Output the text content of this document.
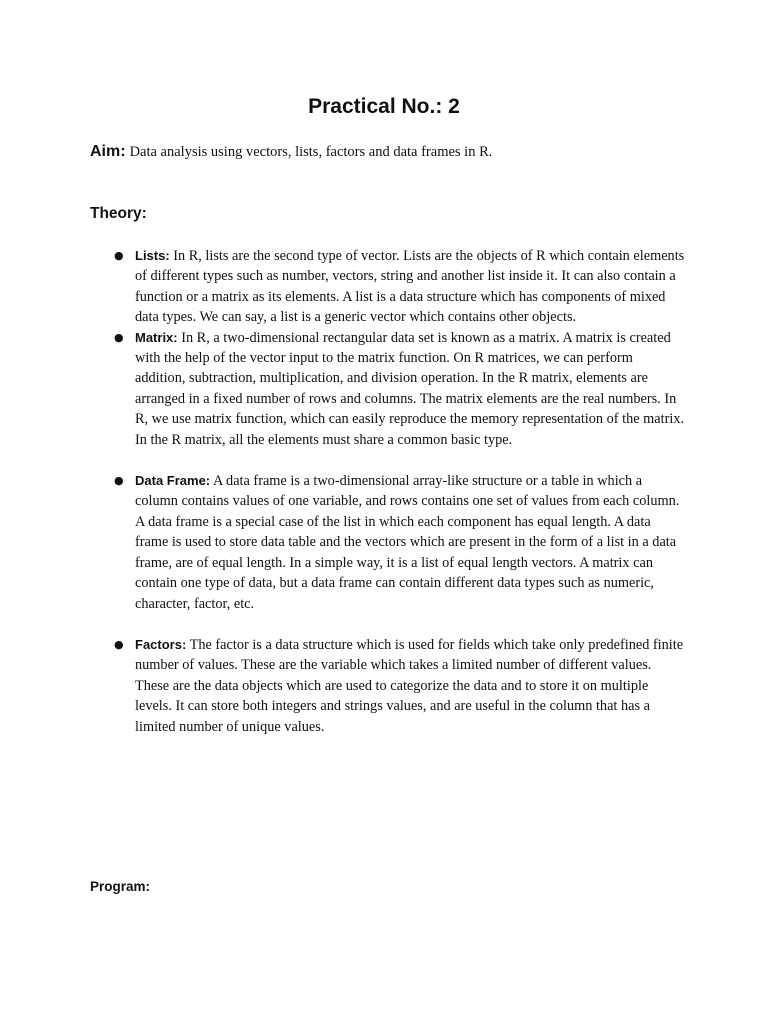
Practical No.: 2

Aim: Data analysis using vectors, lists, factors and data frames in R.

Theory:
● Lists: In R, lists are the second type of vector. Lists are the objects of R which contain elements of different types such as number, vectors, string and another list inside it. It can also contain a function or a matrix as its elements. A list is a data structure which has components of mixed data types. We can say, a list is a generic vector which contains other objects.
● Matrix: In R, a two-dimensional rectangular data set is known as a matrix. A matrix is created with the help of the vector input to the matrix function. On R matrices, we can perform addition, subtraction, multiplication, and division operation. In the R matrix, elements are arranged in a fixed number of rows and columns. The matrix elements are the real numbers. In R, we use matrix function, which can easily reproduce the memory representation of the matrix. In the R matrix, all the elements must share a common basic type.
● Data Frame: A data frame is a two-dimensional array-like structure or a table in which a column contains values of one variable, and rows contains one set of values from each column. A data frame is a special case of the list in which each component has equal length. A data frame is used to store data table and the vectors which are present in the form of a list in a data frame, are of equal length. In a simple way, it is a list of equal length vectors. A matrix can contain one type of data, but a data frame can contain different data types such as numeric, character, factor, etc.
● Factors: The factor is a data structure which is used for fields which take only predefined finite number of values. These are the variable which takes a limited number of different values. These are the data objects which are used to categorize the data and to store it on multiple levels. It can store both integers and strings values, and are useful in the column that has a limited number of unique values.
Program:
